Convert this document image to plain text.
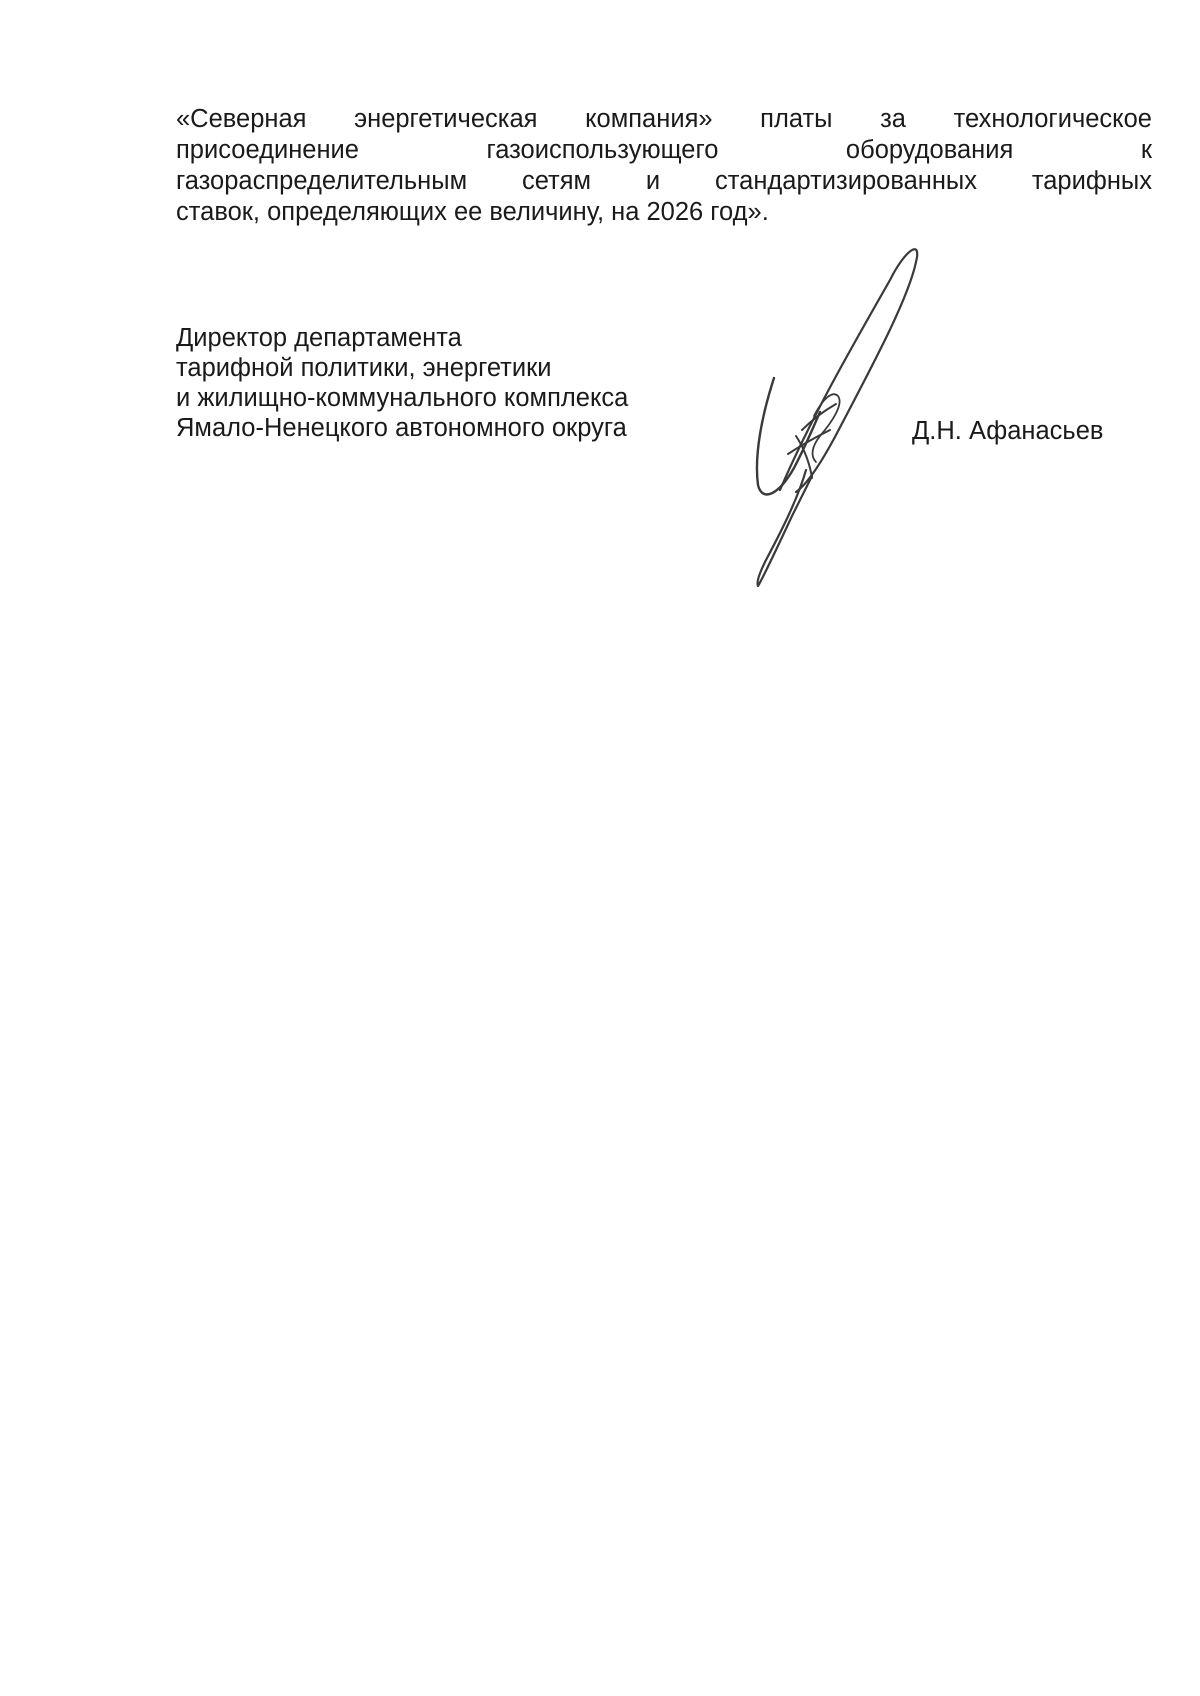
«Северная энергетическая компания» платы за технологическое
присоединение газоиспользующего оборудования к
газораспределительным сетям и стандартизированных тарифных
ставок, определяющих ее величину, на 2026 год».
Директор департамента
тарифной политики, энергетики
и жилищно-коммунального комплекса
Ямало-Ненецкого автономного округа	Д.Н. Афанасьев
